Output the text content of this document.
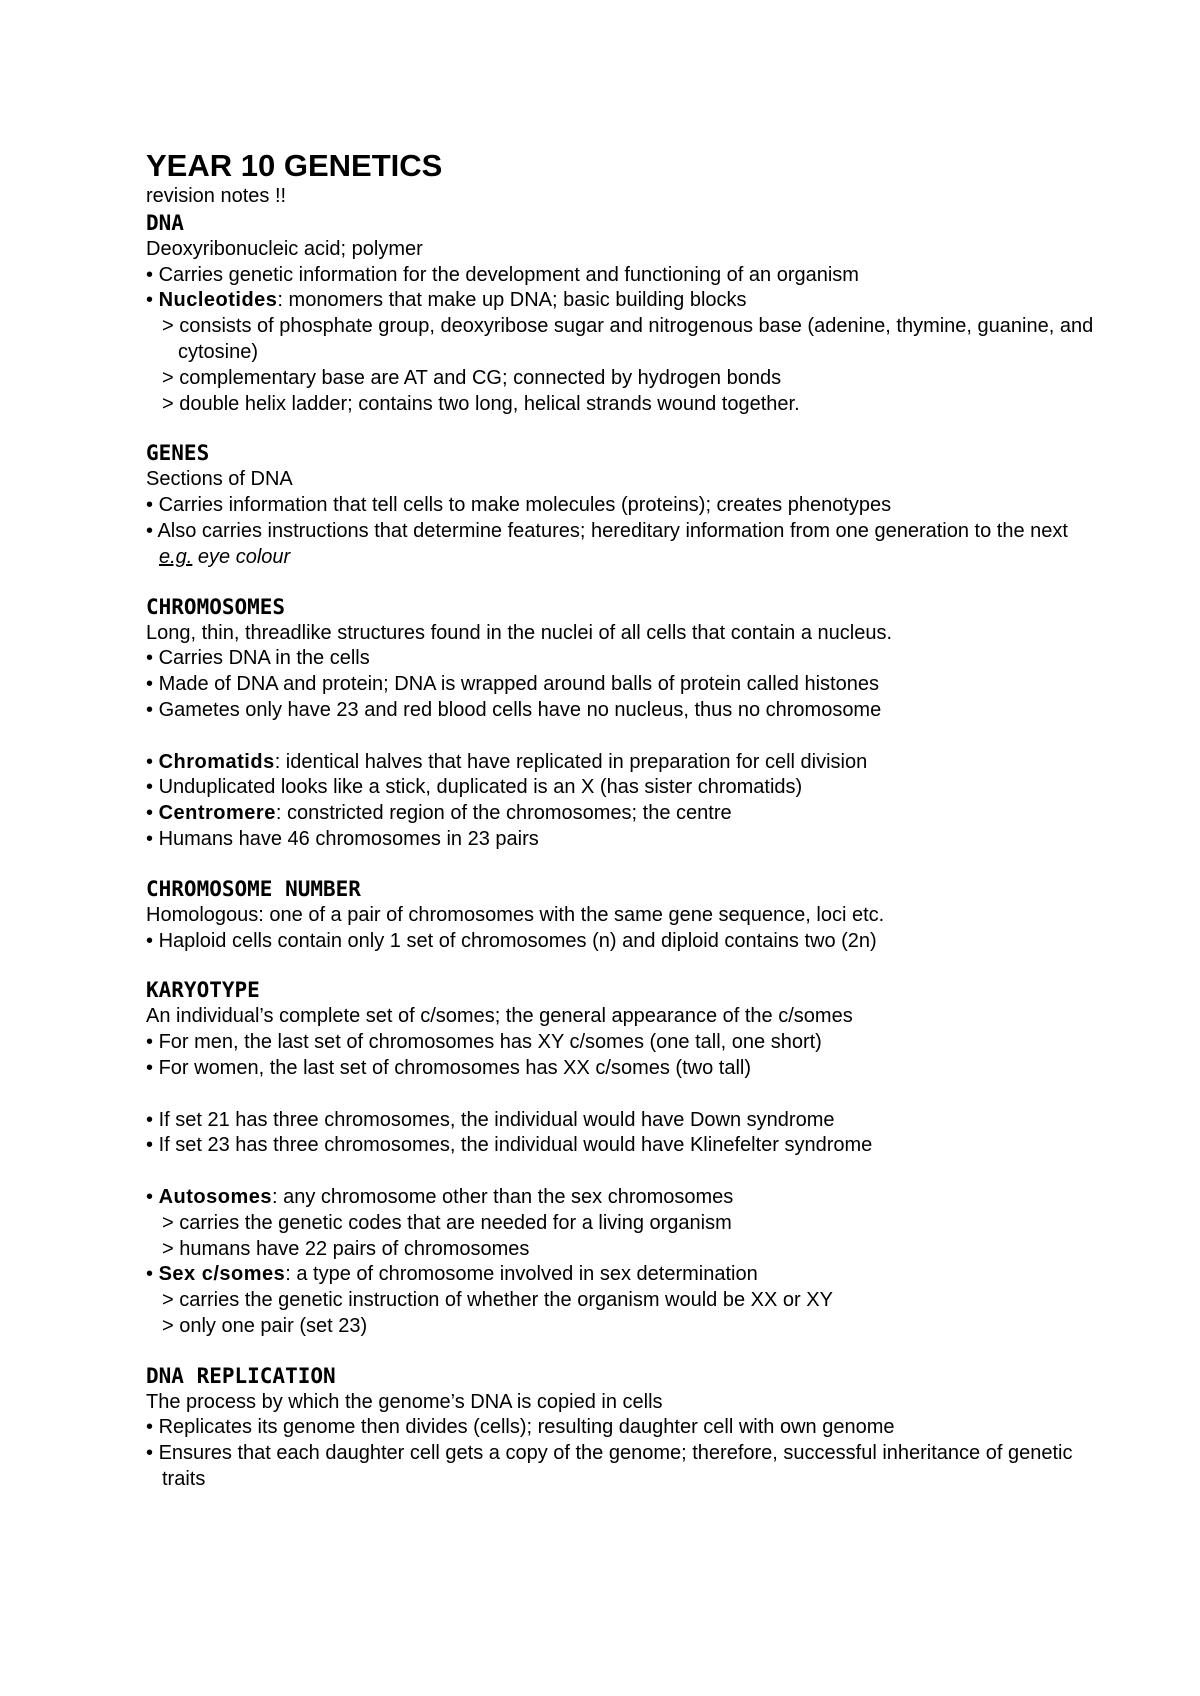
YEAR 10 GENETICS

revision notes !!

DNA

Deoxyribonucleic acid; polymer

• Carries genetic information for the development and functioning of an organism

• Nucleotides: monomers that make up DNA; basic building blocks

> consists of phosphate group, deoxyribose sugar and nitrogenous base (adenine, thymine, guanine, and cytosine)

> complementary base are AT and CG; connected by hydrogen bonds

> double helix ladder; contains two long, helical strands wound together.

GENES

Sections of DNA

• Carries information that tell cells to make molecules (proteins); creates phenotypes

• Also carries instructions that determine features; hereditary information from one generation to the next

e.g. eye colour

CHROMOSOMES

Long, thin, threadlike structures found in the nuclei of all cells that contain a nucleus.

• Carries DNA in the cells

• Made of DNA and protein; DNA is wrapped around balls of protein called histones

• Gametes only have 23 and red blood cells have no nucleus, thus no chromosome

• Chromatids: identical halves that have replicated in preparation for cell division

• Unduplicated looks like a stick, duplicated is an X (has sister chromatids)

• Centromere: constricted region of the chromosomes; the centre

• Humans have 46 chromosomes in 23 pairs

CHROMOSOME NUMBER

Homologous: one of a pair of chromosomes with the same gene sequence, loci etc.

• Haploid cells contain only 1 set of chromosomes (n) and diploid contains two (2n)

KARYOTYPE

An individual’s complete set of c/somes; the general appearance of the c/somes

• For men, the last set of chromosomes has XY c/somes (one tall, one short)

• For women, the last set of chromosomes has XX c/somes (two tall)

• If set 21 has three chromosomes, the individual would have Down syndrome

• If set 23 has three chromosomes, the individual would have Klinefelter syndrome

• Autosomes: any chromosome other than the sex chromosomes

> carries the genetic codes that are needed for a living organism

> humans have 22 pairs of chromosomes

• Sex c/somes: a type of chromosome involved in sex determination

> carries the genetic instruction of whether the organism would be XX or XY

> only one pair (set 23)

DNA REPLICATION

The process by which the genome’s DNA is copied in cells

• Replicates its genome then divides (cells); resulting daughter cell with own genome

• Ensures that each daughter cell gets a copy of the genome; therefore, successful inheritance of genetic traits
